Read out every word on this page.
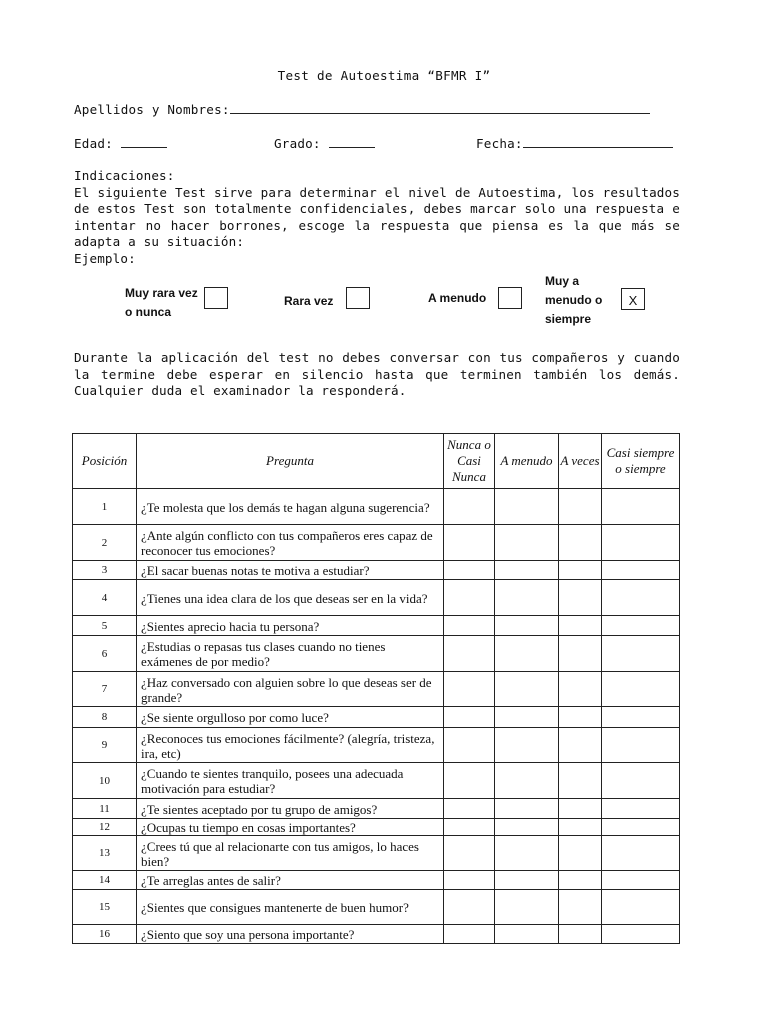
Test de Autoestima “BFMR I”
Apellidos y Nombres:
Edad:	Grado:	Fecha:
Indicaciones:
El siguiente Test sirve para determinar el nivel de Autoestima, los resultados de estos Test son totalmente confidenciales, debes marcar solo una respuesta e intentar no hacer borrones, escoge la respuesta que piensa es la que más se adapta a su situación:
Ejemplo:
Muy rara vez o nunca
Rara vez	A menudo
Muy a menudo o siempre
X
Durante la aplicación del test no debes conversar con tus compañeros y cuando la termine debe esperar en silencio hasta que terminen también los demás. Cualquier duda el examinador la responderá.
Posición	Pregunta	Nunca o Casi Nunca	A menudo	A veces	Casi siempre o siempre
1	¿Te molesta que los demás te hagan alguna sugerencia?				
2	¿Ante algún conflicto con tus compañeros eres capaz de reconocer tus emociones?				
3	¿El sacar buenas notas te motiva a estudiar?				
4	¿Tienes una idea clara de los que deseas ser en la vida?				
5	¿Sientes aprecio hacia tu persona?				
6	¿Estudias o repasas tus clases cuando no tienes exámenes de por medio?				
7	¿Haz conversado con alguien sobre lo que deseas ser de grande?				
8	¿Se siente orgulloso por como luce?				
9	¿Reconoces tus emociones fácilmente? (alegría, tristeza, ira, etc)				
10	¿Cuando te sientes tranquilo, posees una adecuada motivación para estudiar?				
11	¿Te sientes aceptado por tu grupo de amigos?				
12	¿Ocupas tu tiempo en cosas importantes?				
13	¿Crees tú que al relacionarte con tus amigos, lo haces bien?				
14	¿Te arreglas antes de salir?				
15	¿Sientes que consigues mantenerte de buen humor?				
16	¿Siento que soy una persona importante?				
